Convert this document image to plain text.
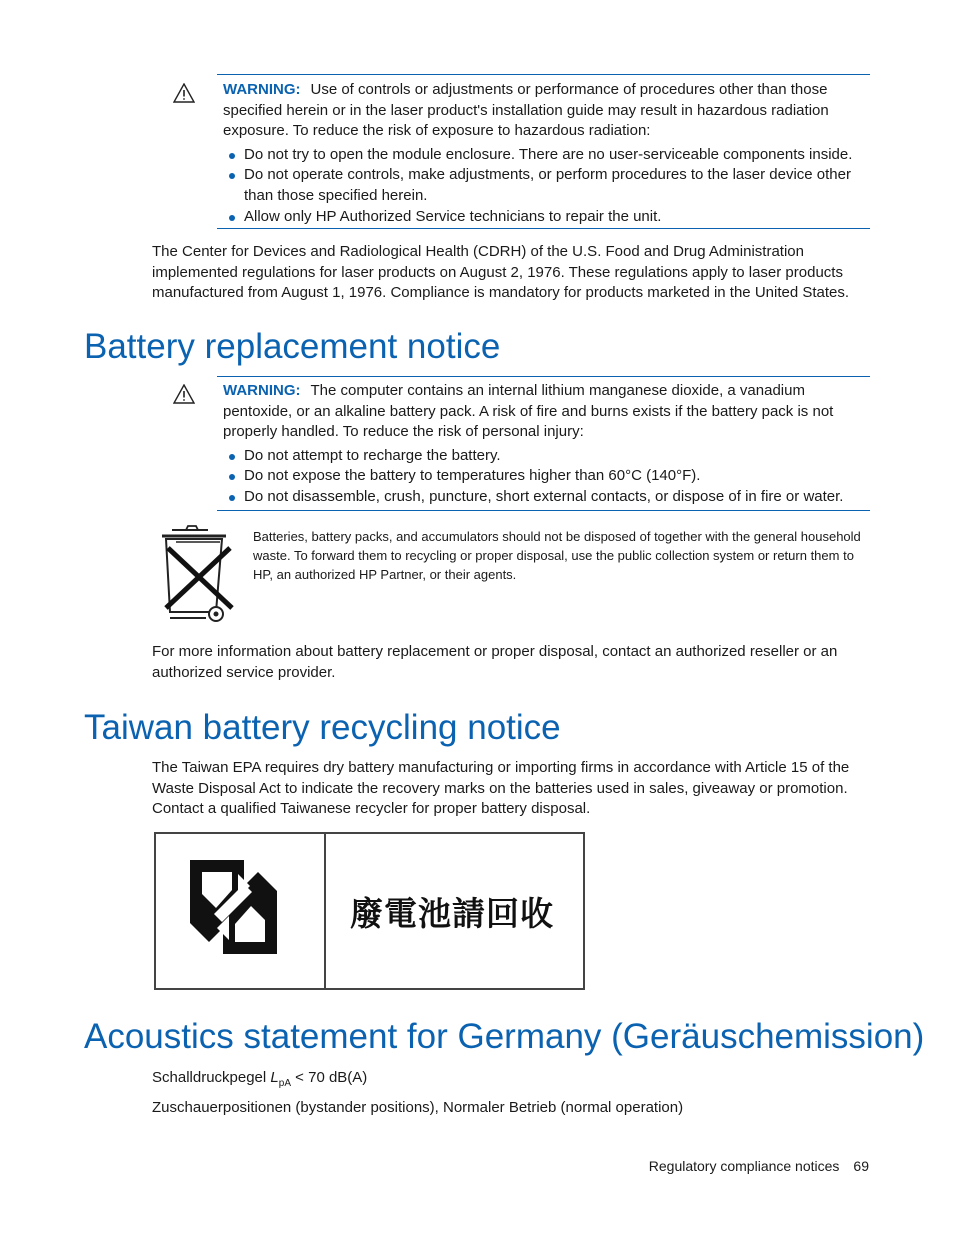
WARNING: Use of controls or adjustments or performance of procedures other than those specified herein or in the laser product's installation guide may result in hazardous radiation exposure. To reduce the risk of exposure to hazardous radiation:
Do not try to open the module enclosure. There are no user-serviceable components inside.
Do not operate controls, make adjustments, or perform procedures to the laser device other than those specified herein.
Allow only HP Authorized Service technicians to repair the unit.

The Center for Devices and Radiological Health (CDRH) of the U.S. Food and Drug Administration implemented regulations for laser products on August 2, 1976. These regulations apply to laser products manufactured from August 1, 1976. Compliance is mandatory for products marketed in the United States.

Battery replacement notice
WARNING: The computer contains an internal lithium manganese dioxide, a vanadium pentoxide, or an alkaline battery pack. A risk of fire and burns exists if the battery pack is not properly handled. To reduce the risk of personal injury:
Do not attempt to recharge the battery.
Do not expose the battery to temperatures higher than 60°C (140°F).
Do not disassemble, crush, puncture, short external contacts, or dispose of in fire or water.

Batteries, battery packs, and accumulators should not be disposed of together with the general household waste. To forward them to recycling or proper disposal, use the public collection system or return them to HP, an authorized HP Partner, or their agents.

For more information about battery replacement or proper disposal, contact an authorized reseller or an authorized service provider.

Taiwan battery recycling notice

The Taiwan EPA requires dry battery manufacturing or importing firms in accordance with Article 15 of the Waste Disposal Act to indicate the recovery marks on the batteries used in sales, giveaway or promotion. Contact a qualified Taiwanese recycler for proper battery disposal.

廢電池請回收
Acoustics statement for Germany (Geräuschemission)

Schalldruckpegel $L_{pA} < 70$ dB(A)

Zuschauerpositionen (bystander positions), Normaler Betrieb (normal operation)

Regulatory compliance notices 69
